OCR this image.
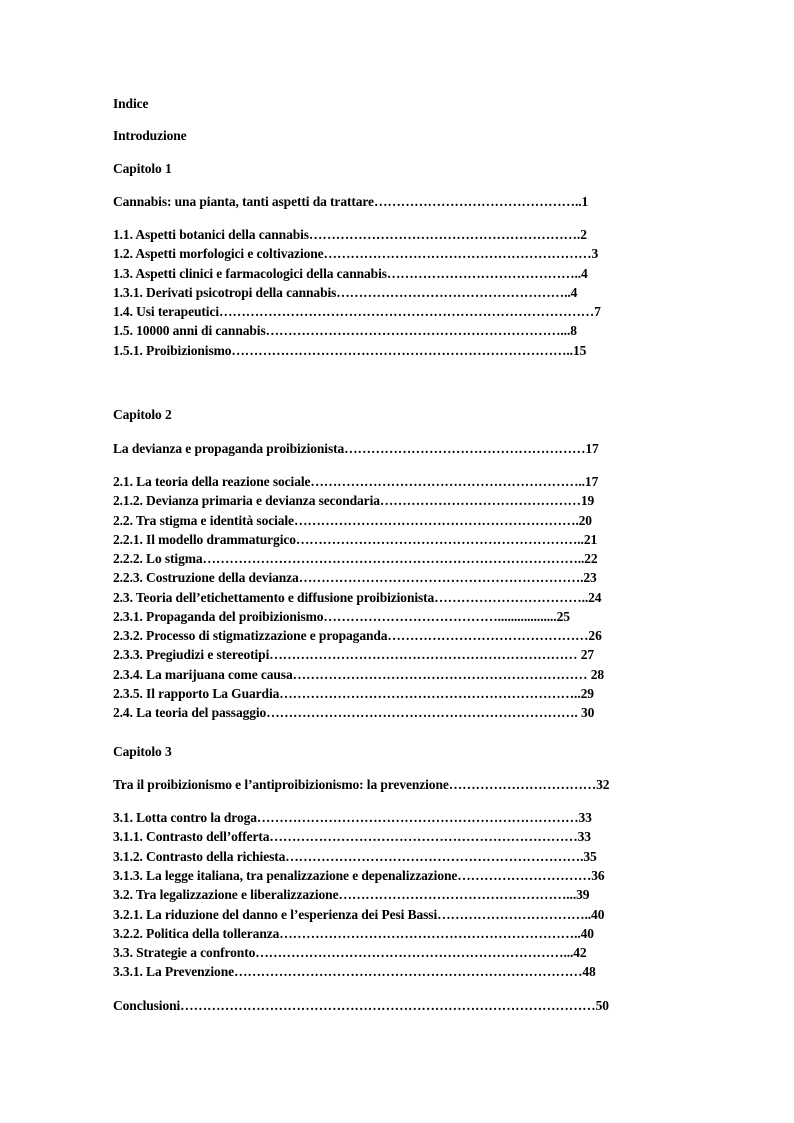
Indice
Introduzione
Capitolo 1
Cannabis: una pianta, tanti aspetti da trattare………………………………………..1
1.1. Aspetti botanici della cannabis…………………………………………………….2
1.2. Aspetti morfologici e coltivazione……………………………………………………3
1.3. Aspetti clinici e farmacologici della cannabis……………………………………..4
1.3.1. Derivati psicotropi della cannabis……………………………………………..4
1.4. Usi terapeutici…………………………………………………………………………7
1.5. 10000 anni di cannabis…………………………………………………………...8
1.5.1. Proibizionismo…………………………………………………………………..15
Capitolo 2
La devianza e propaganda proibizionista………………………………………………17
2.1. La teoria della reazione sociale……………………………………………………..17
2.1.2. Devianza primaria e devianza secondaria………………………………………19
2.2. Tra stigma e identità sociale……………………………………………………….20
2.2.1. Il modello drammaturgico………………………………………………………..21
2.2.2. Lo stigma…………………………………………………………………………..22
2.2.3. Costruzione della devianza……………………………………………………….23
2.3. Teoria dell’etichettamento e diffusione proibizionista……………………………..24
2.3.1. Propaganda del proibizionismo…………………………………..................25
2.3.2. Processo di stigmatizzazione e propaganda………………………………………26
2.3.3. Pregiudizi e stereotipi…………………………………………………………… 27
2.3.4. La marijuana come causa………………………………………………………… 28
2.3.5. Il rapporto La Guardia…………………………………………………………..29
2.4. La teoria del passaggio……………………………………………………………. 30
Capitolo 3
Tra il proibizionismo e l’antiproibizionismo: la prevenzione……………………………32
3.1. Lotta contro la droga………………………………………………………………33
3.1.1. Contrasto dell’offerta……………………………………………………………33
3.1.2. Contrasto della richiesta………………………………………………………….35
3.1.3. La legge italiana, tra penalizzazione e depenalizzazione…………………………36
3.2. Tra legalizzazione e liberalizzazione……………………………………………...39
3.2.1. La riduzione del danno e l’esperienza dei Pesi Bassi……………………………..40
3.2.2. Politica della tolleranza…………………………………………………………..40
3.3. Strategie a confronto……………………………………………………………...42
3.3.1. La Prevenzione……………………………………………………………………48
Conclusioni…………………………………………………………………………………50
